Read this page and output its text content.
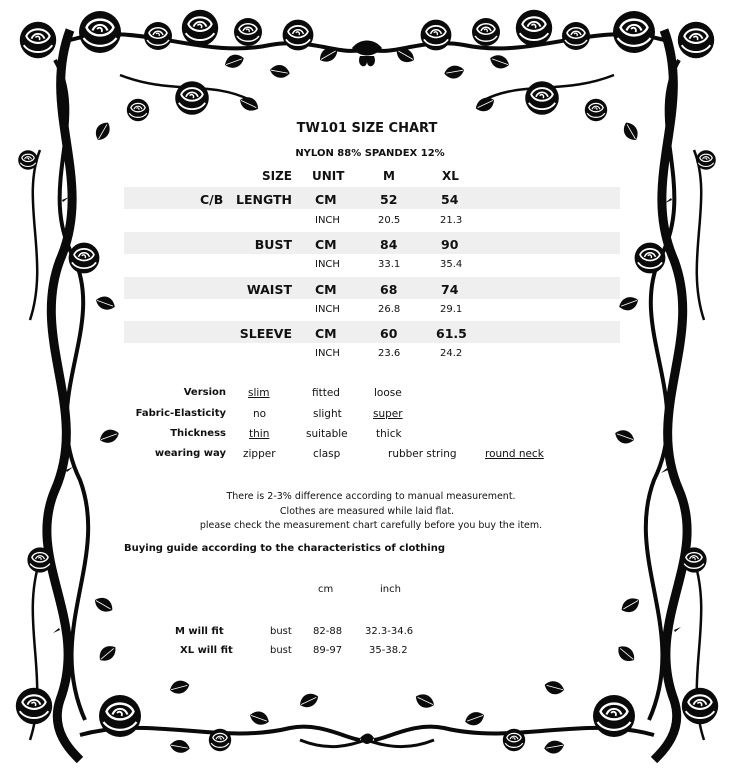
TW101 SIZE CHART
NYLON 88% SPANDEX 12%
SIZE UNIT	M	XL
C/B LENGTH CM	52	54
INCH	20.5	21.3
BUST CM	84	90
INCH	33.1	35.4
WAIST CM	68	74
INCH	26.8	29.1
SLEEVE CM	60	61.5
INCH	23.6	24.2
Version slim	fitted	loose
Fabric-Elasticity	no	slight	super
Thickness thin	suitable	thick
wearing way zipper	clasp	rubber string	round neck
There is 2-3% difference according to manual measurement.
Clothes are measured while laid flat.
please check the measurement chart carefully before you buy the item.
Buying guide according to the characteristics of clothing
cm	inch
M will fit	bust 82-88 32.3-34.6
XL will fit	bust 89-97	35-38.2
